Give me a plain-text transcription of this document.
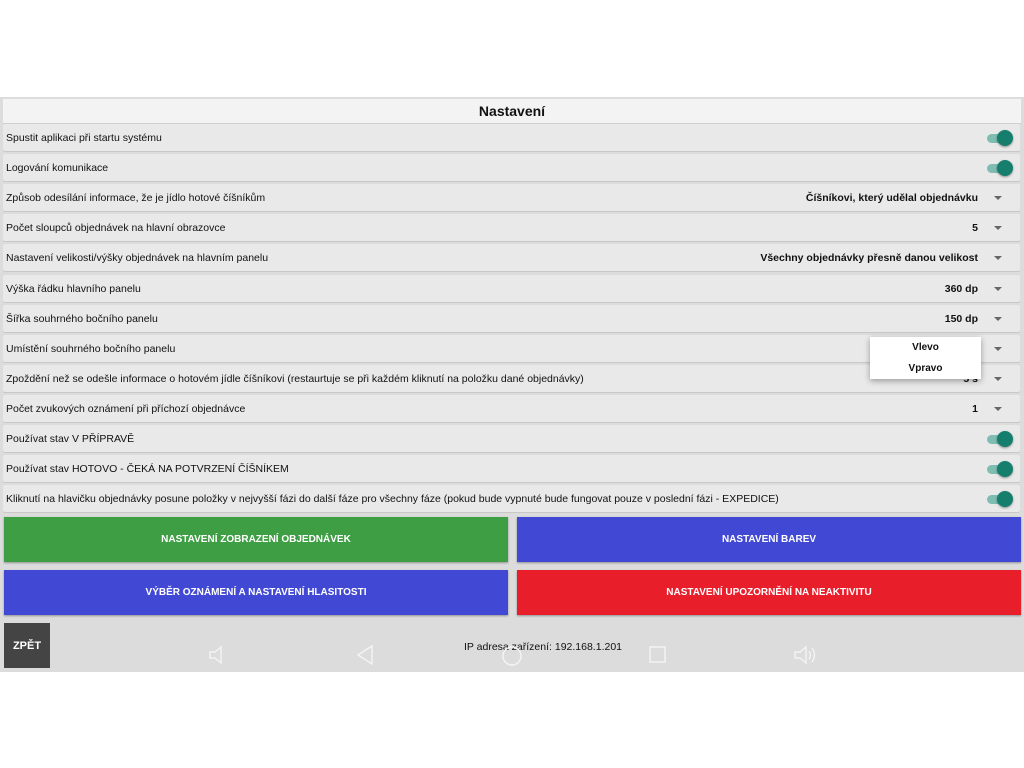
Nastavení
Spustit aplikaci při startu systému
Logování komunikace
Způsob odesílání informace, že je jídlo hotové číšníkům	Číšníkovi, který udělal objednávku
Počet sloupců objednávek na hlavní obrazovce	5
Nastavení velikosti/výšky objednávek na hlavním panelu	Všechny objednávky přesně danou velikost
Výška řádku hlavního panelu	360 dp
Šířka souhrného bočního panelu	150 dp
Umístění souhrného bočního panelu
Zpoždění než se odešle informace o hotovém jídle číšníkovi (restaurtuje se při každém kliknutí na položku dané objednávky)
Počet zvukových oznámení při příchozí objednávce	1
Používat stav V PŘÍPRAVĚ
Používat stav HOTOVO - ČEKÁ NA POTVRZENÍ ČÍŠNÍKEM
Kliknutí na hlavičku objednávky posune položky v nejvyšší fázi do další fáze pro všechny fáze (pokud bude vypnuté bude fungovat pouze v poslední fázi - EXPEDICE)
NASTAVENÍ ZOBRAZENÍ OBJEDNÁVEK	NASTAVENÍ BAREV
VÝBĚR OZNÁMENÍ A NASTAVENÍ HLASITOSTI	NASTAVENÍ UPOZORNĚNÍ NA NEAKTIVITU
ZPĚT	IP adresa zařízení: 192.168.1.201
Vlevo
Vpravo
